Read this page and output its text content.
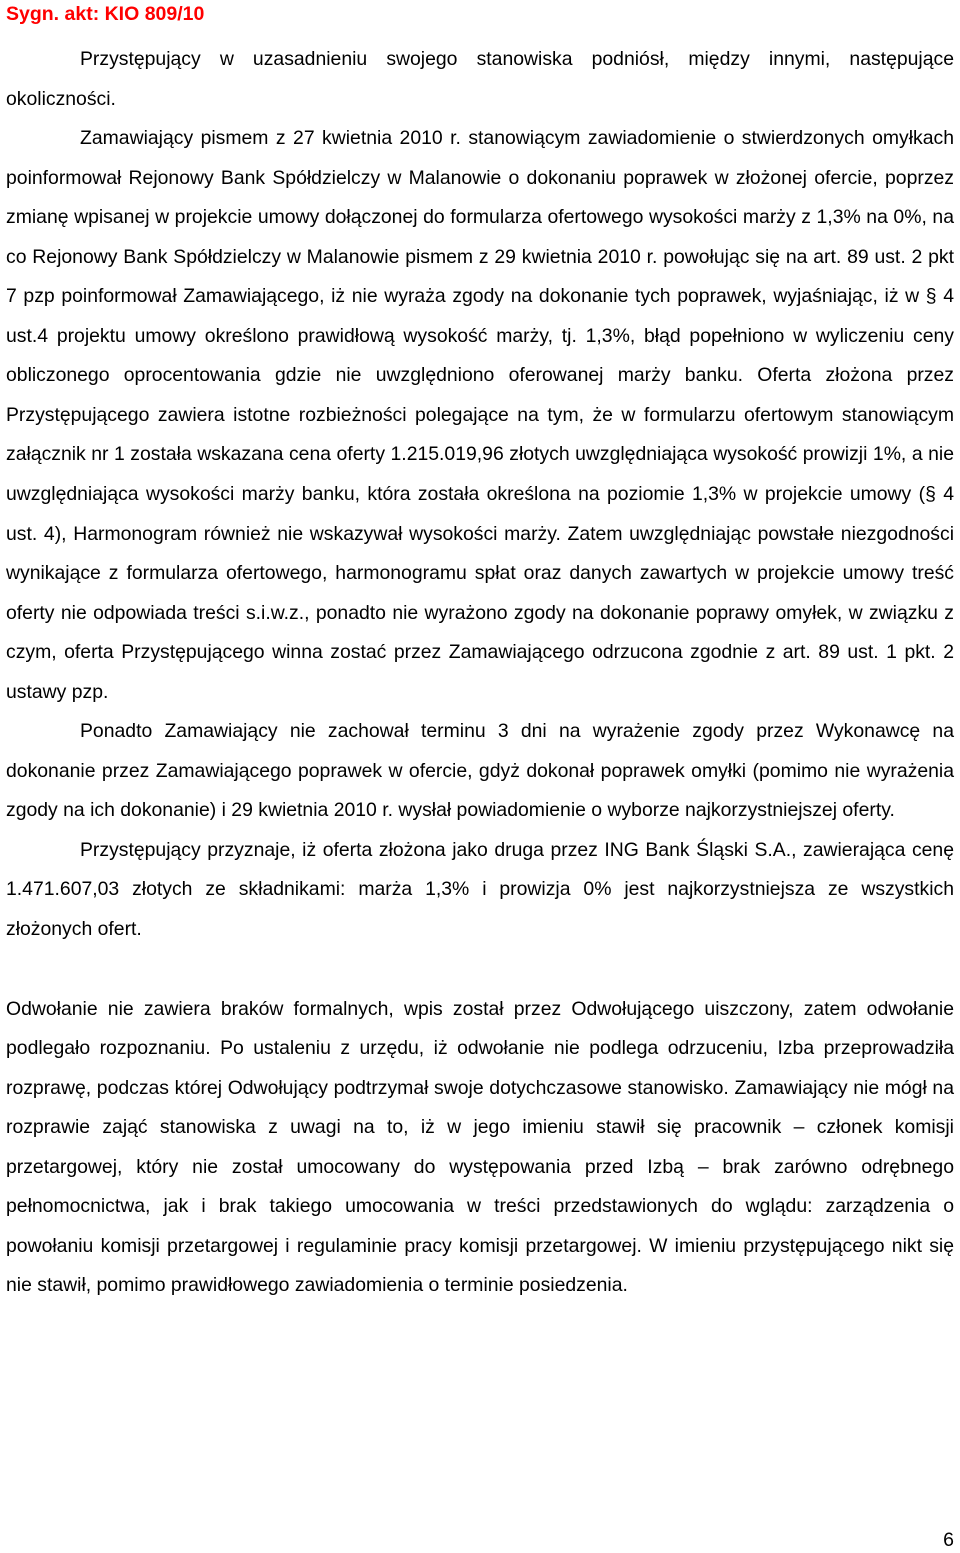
Sygn. akt: KIO 809/10

Przystępujący w uzasadnieniu swojego stanowiska podniósł, między innymi, następujące okoliczności.

Zamawiający pismem z 27 kwietnia 2010 r. stanowiącym zawiadomienie o stwierdzonych omyłkach poinformował Rejonowy Bank Spółdzielczy w Malanowie o dokonaniu poprawek w złożonej ofercie, poprzez zmianę wpisanej w projekcie umowy dołączonej do formularza ofertowego wysokości marży z 1,3% na 0%, na co Rejonowy Bank Spółdzielczy w Malanowie pismem z 29 kwietnia 2010 r. powołując się na art. 89 ust. 2 pkt 7 pzp poinformował Zamawiającego, iż nie wyraża zgody na dokonanie tych poprawek, wyjaśniając, iż w § 4 ust.4 projektu umowy określono prawidłową wysokość marży, tj. 1,3%, błąd popełniono w wyliczeniu ceny obliczonego oprocentowania gdzie nie uwzględniono oferowanej marży banku. Oferta złożona przez Przystępującego zawiera istotne rozbieżności polegające na tym, że w formularzu ofertowym stanowiącym załącznik nr 1 została wskazana cena oferty 1.215.019,96 złotych uwzględniająca wysokość prowizji 1%, a nie uwzględniająca wysokości marży banku, która została określona na poziomie 1,3% w projekcie umowy (§ 4 ust. 4), Harmonogram również nie wskazywał wysokości marży. Zatem uwzględniając powstałe niezgodności wynikające z formularza ofertowego, harmonogramu spłat oraz danych zawartych w projekcie umowy treść oferty nie odpowiada treści s.i.w.z., ponadto nie wyrażono zgody na dokonanie poprawy omyłek, w związku z czym, oferta Przystępującego winna zostać przez Zamawiającego odrzucona zgodnie z art. 89 ust. 1 pkt. 2 ustawy pzp.

Ponadto Zamawiający nie zachował terminu 3 dni na wyrażenie zgody przez Wykonawcę na dokonanie przez Zamawiającego poprawek w ofercie, gdyż dokonał poprawek omyłki (pomimo nie wyrażenia zgody na ich dokonanie) i 29 kwietnia 2010 r. wysłał powiadomienie o wyborze najkorzystniejszej oferty.

Przystępujący przyznaje, iż oferta złożona jako druga przez ING Bank Śląski S.A., zawierająca cenę 1.471.607,03 złotych ze składnikami: marża 1,3% i prowizja 0% jest najkorzystniejsza ze wszystkich złożonych ofert.

Odwołanie nie zawiera braków formalnych, wpis został przez Odwołującego uiszczony, zatem odwołanie podlegało rozpoznaniu. Po ustaleniu z urzędu, iż odwołanie nie podlega odrzuceniu, Izba przeprowadziła rozprawę, podczas której Odwołujący podtrzymał swoje dotychczasowe stanowisko. Zamawiający nie mógł na rozprawie zająć stanowiska z uwagi na to, iż w jego imieniu stawił się pracownik – członek komisji przetargowej, który nie został umocowany do występowania przed Izbą – brak zarówno odrębnego pełnomocnictwa, jak i brak takiego umocowania w treści przedstawionych do wglądu: zarządzenia o powołaniu komisji przetargowej i regulaminie pracy komisji przetargowej. W imieniu przystępującego nikt się nie stawił, pomimo prawidłowego zawiadomienia o terminie posiedzenia.

6
